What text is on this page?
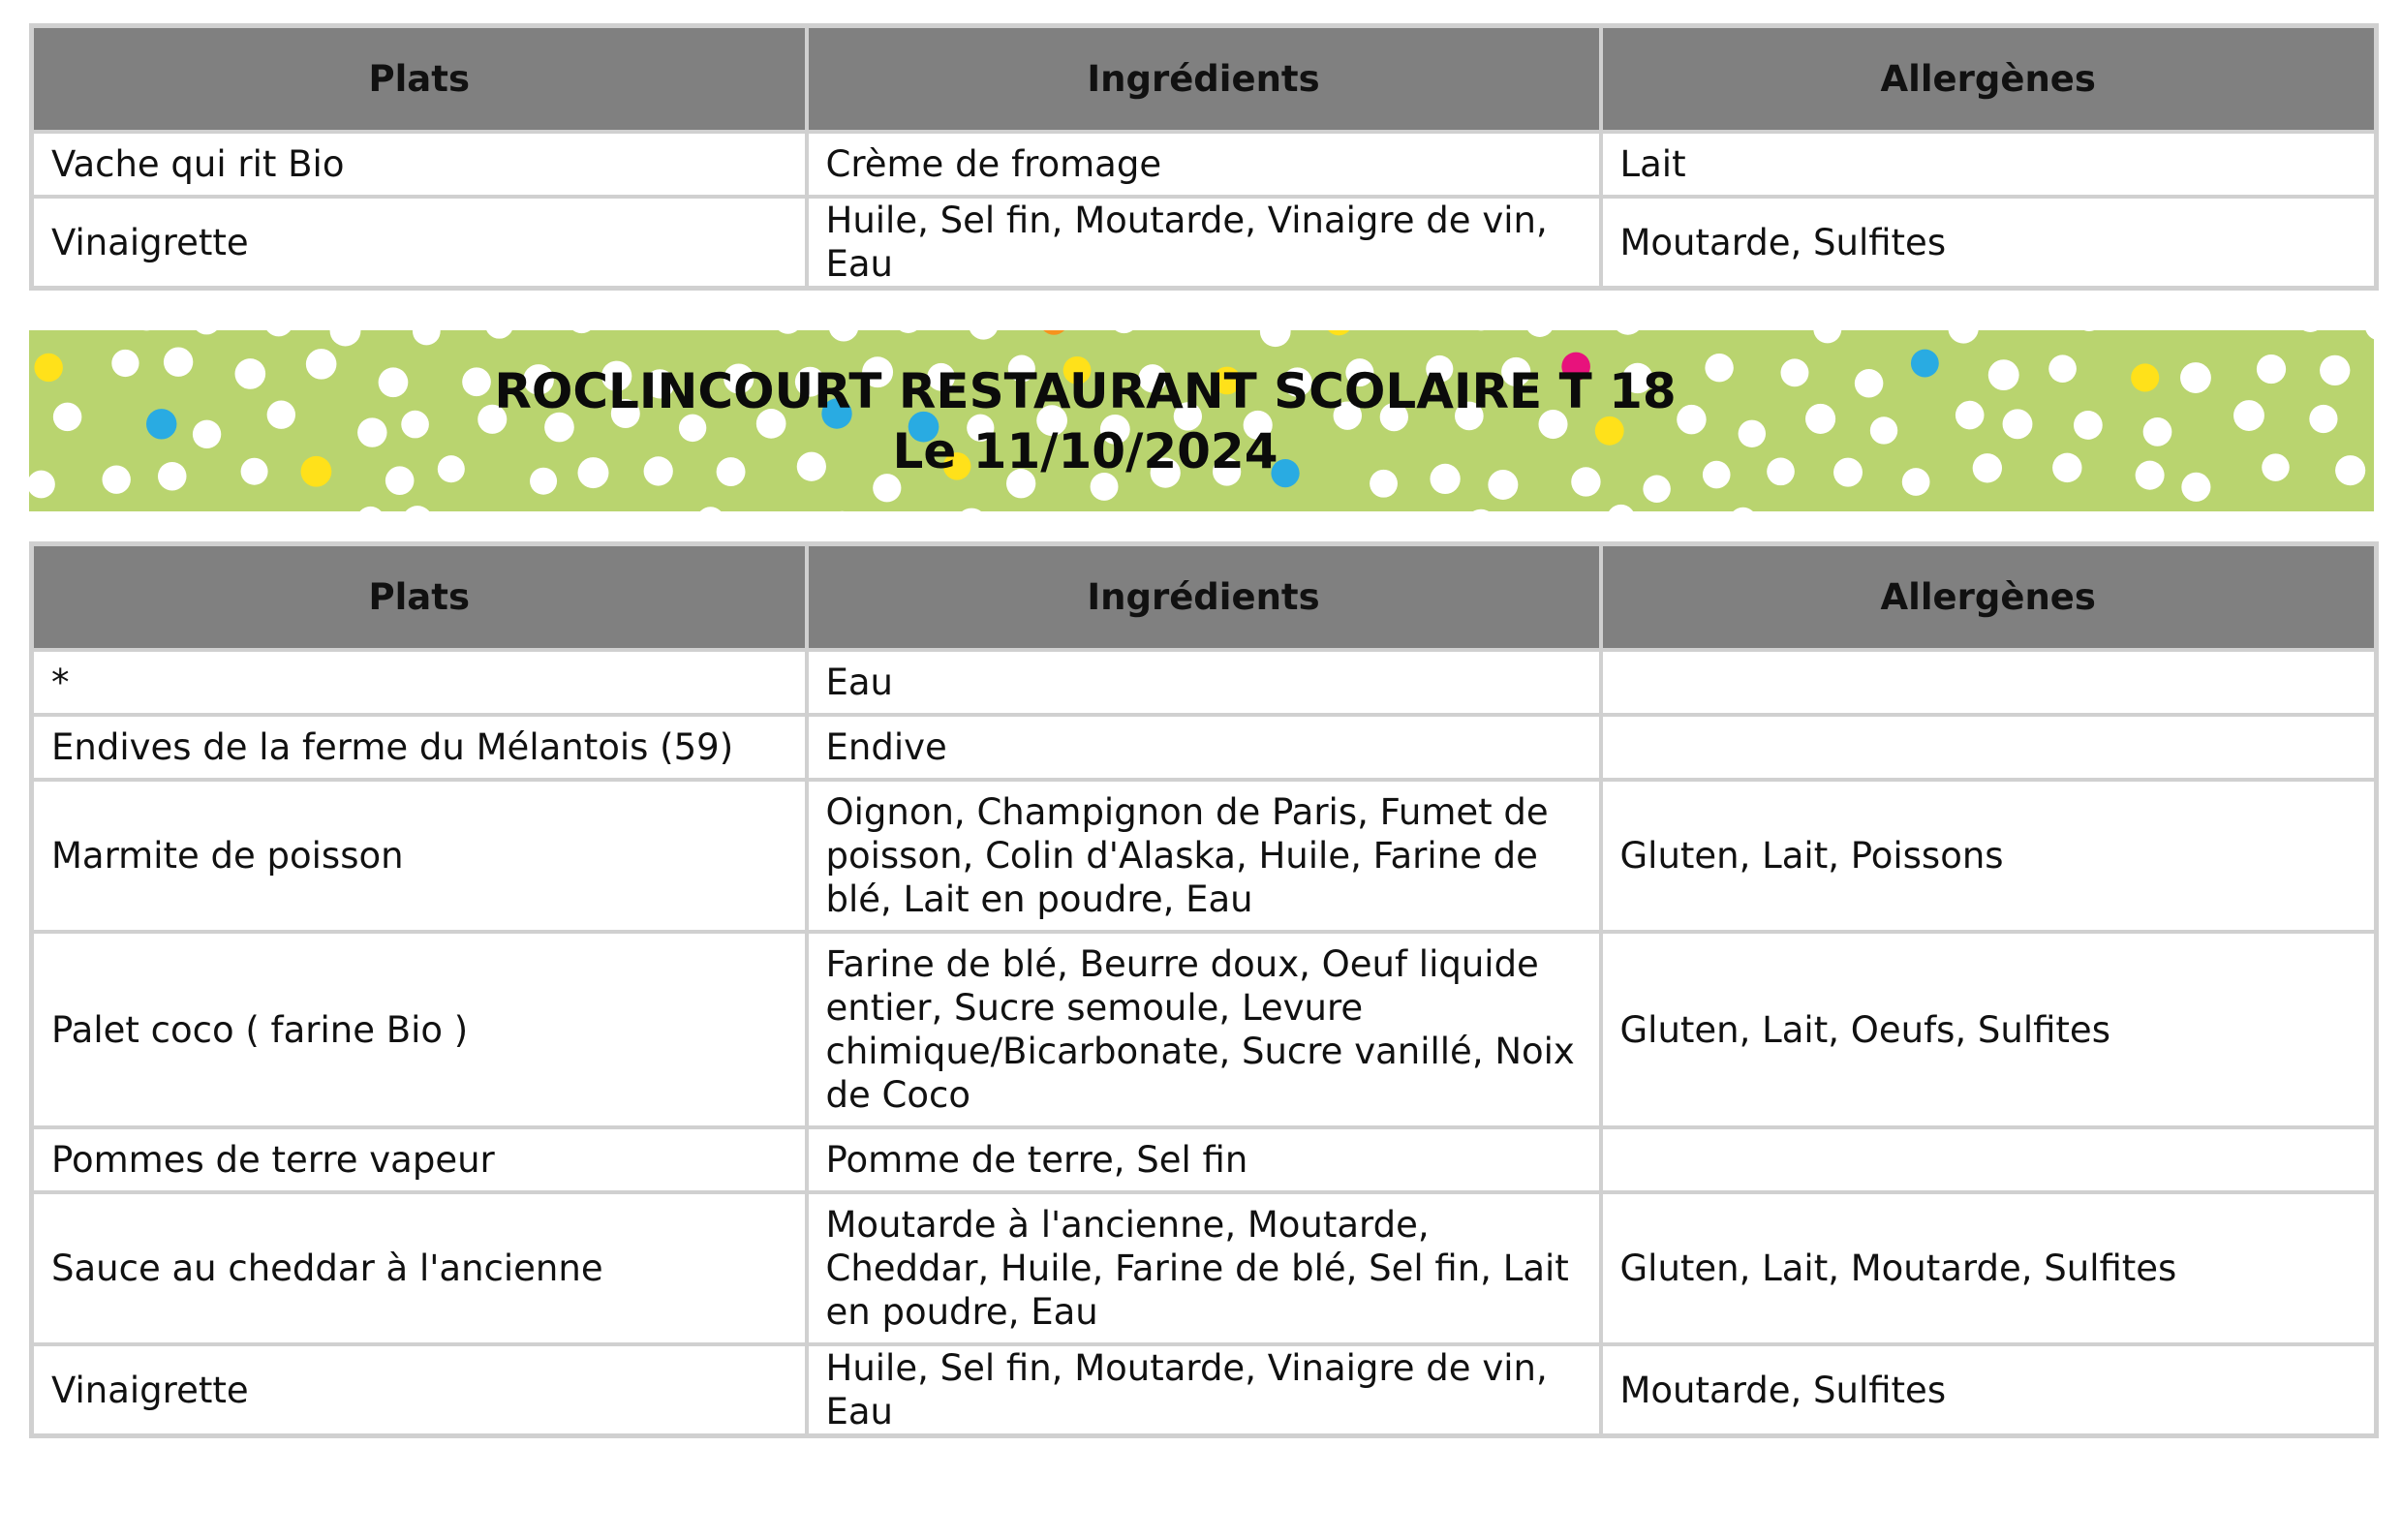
Plats	Ingrédients	Allergènes
Vache qui rit Bio	Crème de fromage	Lait
Vinaigrette	Huile, Sel fin, Moutarde, Vinaigre de vin, Eau	Moutarde, Sulfites
ROCLINCOURT RESTAURANT SCOLAIRE T 18
Le 11/10/2024
Plats	Ingrédients	Allergènes
*	Eau	
Endives de la ferme du Mélantois (59)	Endive	
Marmite de poisson	Oignon, Champignon de Paris, Fumet de poisson, Colin d'Alaska, Huile, Farine de blé, Lait en poudre, Eau	Gluten, Lait, Poissons
Palet coco ( farine Bio )	Farine de blé, Beurre doux, Oeuf liquide entier, Sucre semoule, Levure chimique/Bicarbonate, Sucre vanillé, Noix de Coco	Gluten, Lait, Oeufs, Sulfites
Pommes de terre vapeur	Pomme de terre, Sel fin	
Sauce au cheddar à l'ancienne	Moutarde à l'ancienne, Moutarde, Cheddar, Huile, Farine de blé, Sel fin, Lait en poudre, Eau	Gluten, Lait, Moutarde, Sulfites
Vinaigrette	Huile, Sel fin, Moutarde, Vinaigre de vin, Eau	Moutarde, Sulfites
